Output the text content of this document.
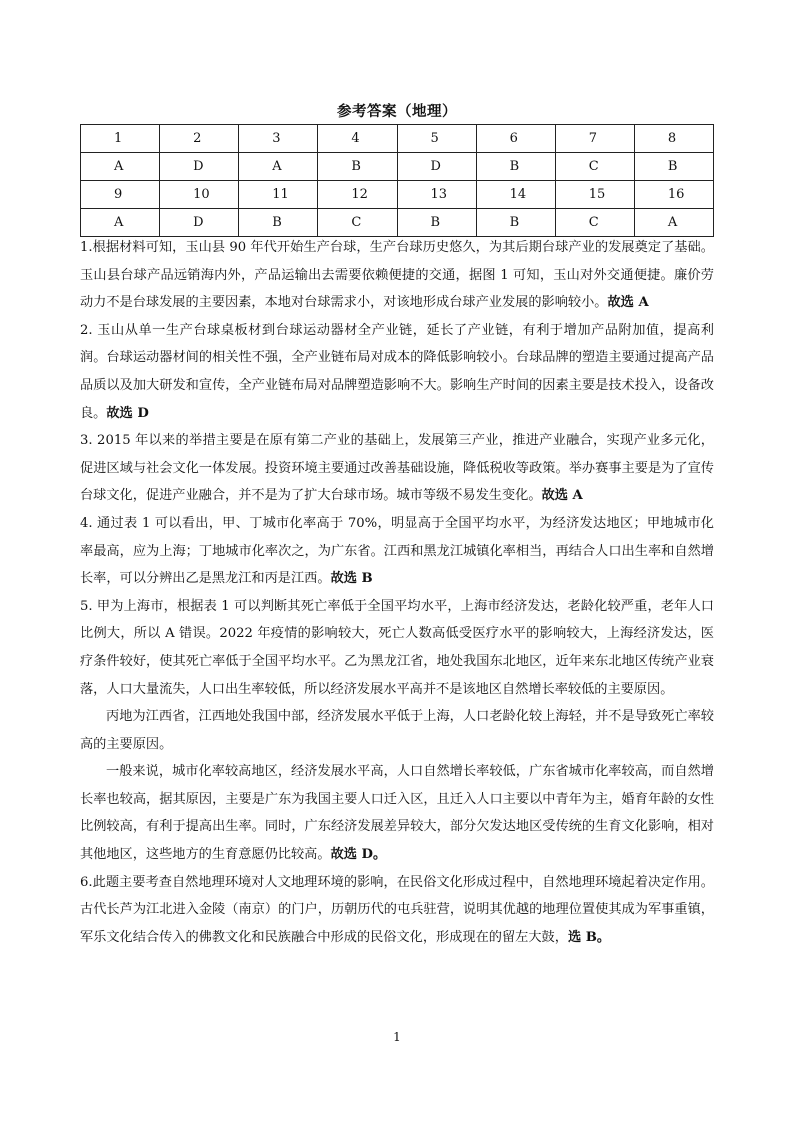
参考答案（地理）
1	2	3	4	5	6	7	8
A	D	A	B	D	B	C	B
9	10	11	12	13	14	15	16
A	D	B	C	B	B	C	A

1.根据材料可知，玉山县 90 年代开始生产台球，生产台球历史悠久，为其后期台球产业的发展奠定了基础。玉山县台球产品远销海内外，产品运输出去需要依赖便捷的交通，据图 1 可知，玉山对外交通便捷。廉价劳动力不是台球发展的主要因素，本地对台球需求小，对该地形成台球产业发展的影响较小。故选 A

2. 玉山从单一生产台球桌板材到台球运动器材全产业链，延长了产业链，有利于增加产品附加值，提高利润。台球运动器材间的相关性不强，全产业链布局对成本的降低影响较小。台球品牌的塑造主要通过提高产品品质以及加大研发和宣传，全产业链布局对品牌塑造影响不大。影响生产时间的因素主要是技术投入，设备改良。故选 D

3. 2015 年以来的举措主要是在原有第二产业的基础上，发展第三产业，推进产业融合，实现产业多元化，促进区域与社会文化一体发展。投资环境主要通过改善基础设施，降低税收等政策。举办赛事主要是为了宣传台球文化，促进产业融合，并不是为了扩大台球市场。城市等级不易发生变化。故选 A

4. 通过表 1 可以看出，甲、丁城市化率高于 70%，明显高于全国平均水平，为经济发达地区；甲地城市化率最高，应为上海；丁地城市化率次之，为广东省。江西和黑龙江城镇化率相当，再结合人口出生率和自然增长率，可以分辨出乙是黑龙江和丙是江西。故选 B

5. 甲为上海市，根据表 1 可以判断其死亡率低于全国平均水平，上海市经济发达，老龄化较严重，老年人口比例大，所以 A 错误。2022 年疫情的影响较大，死亡人数高低受医疗水平的影响较大，上海经济发达，医疗条件较好，使其死亡率低于全国平均水平。乙为黑龙江省，地处我国东北地区，近年来东北地区传统产业衰落，人口大量流失，人口出生率较低，所以经济发展水平高并不是该地区自然增长率较低的主要原因。

丙地为江西省，江西地处我国中部，经济发展水平低于上海，人口老龄化较上海轻，并不是导致死亡率较高的主要原因。

一般来说，城市化率较高地区，经济发展水平高，人口自然增长率较低，广东省城市化率较高，而自然增长率也较高，据其原因，主要是广东为我国主要人口迁入区，且迁入人口主要以中青年为主，婚育年龄的女性比例较高，有利于提高出生率。同时，广东经济发展差异较大，部分欠发达地区受传统的生育文化影响，相对其他地区，这些地方的生育意愿仍比较高。故选 D。

6.此题主要考查自然地理环境对人文地理环境的影响，在民俗文化形成过程中，自然地理环境起着决定作用。古代长芦为江北进入金陵（南京）的门户，历朝历代的屯兵驻营，说明其优越的地理位置使其成为军事重镇，军乐文化结合传入的佛教文化和民族融合中形成的民俗文化，形成现在的留左大鼓，选 B。

1
